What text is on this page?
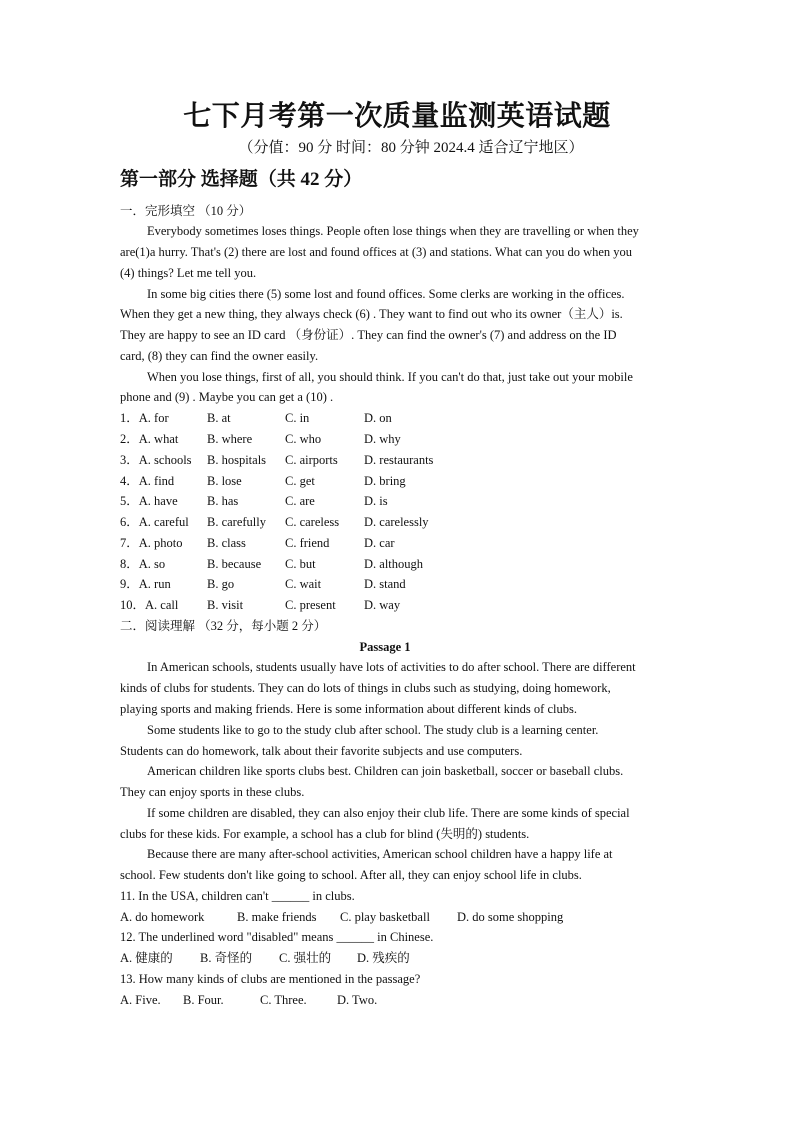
七下月考第一次质量监测英语试题
（分值：90 分 时间：80 分钟 2024.4 适合辽宁地区）
第一部分 选择题（共 42 分）
一．完形填空 （10 分）
Everybody sometimes loses things. People often lose things when they are travelling or when they
are(1)a hurry. That's (2) there are lost and found offices at (3) and stations. What can you do when you
(4) things? Let me tell you.
In some big cities there (5) some lost and found offices. Some clerks are working in the offices.
When they get a new thing, they always check (6) . They want to find out who its owner（主人）is.
They are happy to see an ID card （身份证）. They can find the owner's (7) and address on the ID
card, (8) they can find the owner easily.
When you lose things, first of all, you should think. If you can't do that, just take out your mobile
phone and (9) . Maybe you can get a (10) .
1．A. for	B. at	C. in	D. on
2．A. what	B. where	C. who	D. why
3．A. schools	B. hospitals	C. airports	D. restaurants
4．A. find	B. lose	C. get	D. bring
5．A. have	B. has	C. are	D. is
6．A. careful	B. carefully	C. careless	D. carelessly
7．A. photo	B. class	C. friend	D. car
8．A. so	B. because	C. but	D. although
9．A. run	B. go	C. wait	D. stand
10．A. call	B. visit	C. present	D. way
二．阅读理解 （32 分，每小题 2 分）
Passage 1
In American schools, students usually have lots of activities to do after school. There are different
kinds of clubs for students. They can do lots of things in clubs such as studying, doing homework,
playing sports and making friends. Here is some information about different kinds of clubs.
Some students like to go to the study club after school. The study club is a learning center.
Students can do homework, talk about their favorite subjects and use computers.
American children like sports clubs best. Children can join basketball, soccer or baseball clubs.
They can enjoy sports in these clubs.
If some children are disabled, they can also enjoy their club life. There are some kinds of special
clubs for these kids. For example, a school has a club for blind (失明的) students.
Because there are many after-school activities, American school children have a happy life at
school. Few students don't like going to school. After all, they can enjoy school life in clubs.
11. In the USA, children can't ______ in clubs.
A. do homework	B. make friends	C. play basketball	D. do some shopping
12. The underlined word "disabled" means ______ in Chinese.
A. 健康的	B. 奇怪的	C. 强壮的	D. 残疾的
13. How many kinds of clubs are mentioned in the passage?
A. Five.	B. Four.	C. Three.	D. Two.
